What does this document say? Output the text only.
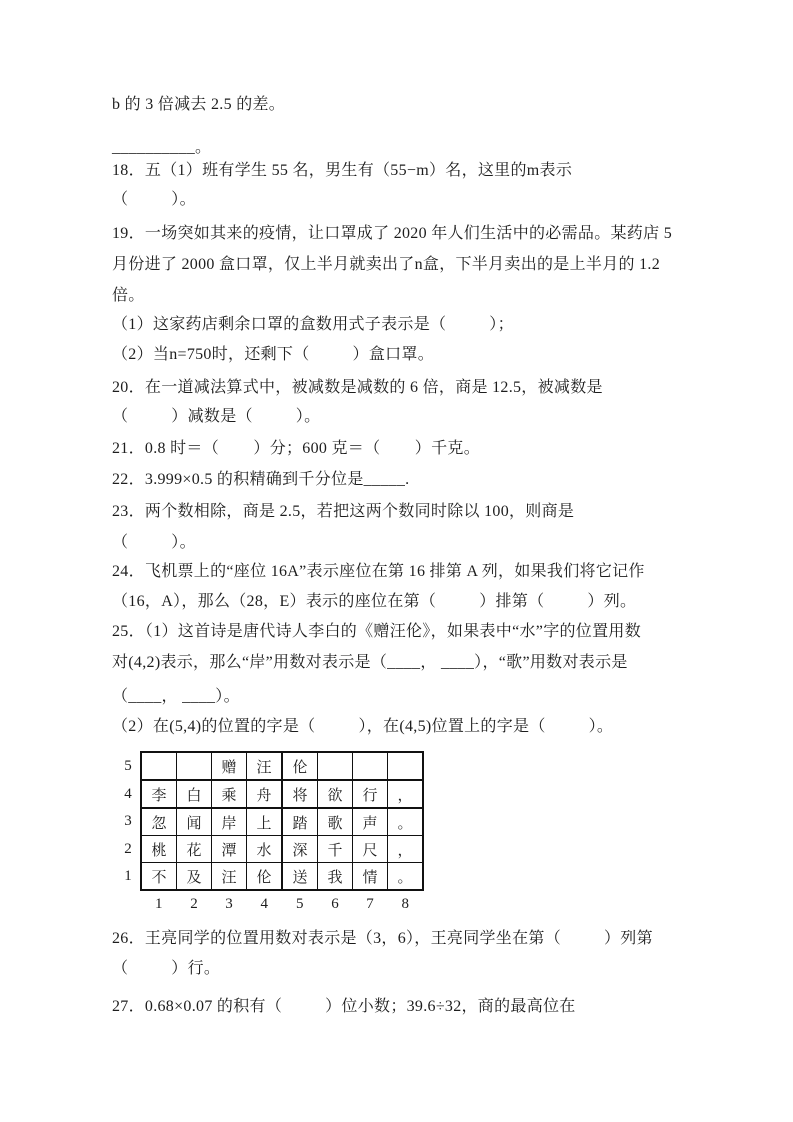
b 的 3 倍减去 2.5 的差。
__________。
18．五（1）班有学生 55 名，男生有（55−m）名，这里的m表示
（          ）。
19．一场突如其来的疫情，让口罩成了 2020 年人们生活中的必需品。某药店 5
月份进了 2000 盒口罩，仅上半月就卖出了n盒，下半月卖出的是上半月的 1.2
倍。
（1）这家药店剩余口罩的盒数用式子表示是（          ）；
（2）当n=750时，还剩下（          ）盒口罩。
20．在一道减法算式中，被减数是减数的 6 倍，商是 12.5，被减数是
（          ）减数是（          ）。
21．0.8 时＝（        ）分；600 克＝（        ）千克。
22．3.999×0.5 的积精确到千分位是_____.
23．两个数相除，商是 2.5，若把这两个数同时除以 100，则商是
（          ）。
24．飞机票上的“座位 16A”表示座位在第 16 排第 A 列，如果我们将它记作
（16，A），那么（28，E）表示的座位在第（          ）排第（          ）列。
25．（1）这首诗是唐代诗人李白的《赠汪伦》，如果表中“水”字的位置用数
对(4,2)表示，那么“岸”用数对表示是（____， ____），“歌”用数对表示是
（____， ____）。
（2）在(5,4)的位置的字是（          ），在(4,5)位置上的字是（          ）。
26．王亮同学的位置用数对表示是（3，6），王亮同学坐在第（          ）列第
（          ）行。
27．0.68×0.07 的积有（          ）位小数；39.6÷32，商的最高位在
5			赠	汪	伦			
4	李	白	乘	舟	将	欲	行	，
3	忽	闻	岸	上	踏	歌	声	。
2	桃	花	潭	水	深	千	尺	，
1	不	及	汪	伦	送	我	情	。
	1	2	3	4	5	6	7	8
